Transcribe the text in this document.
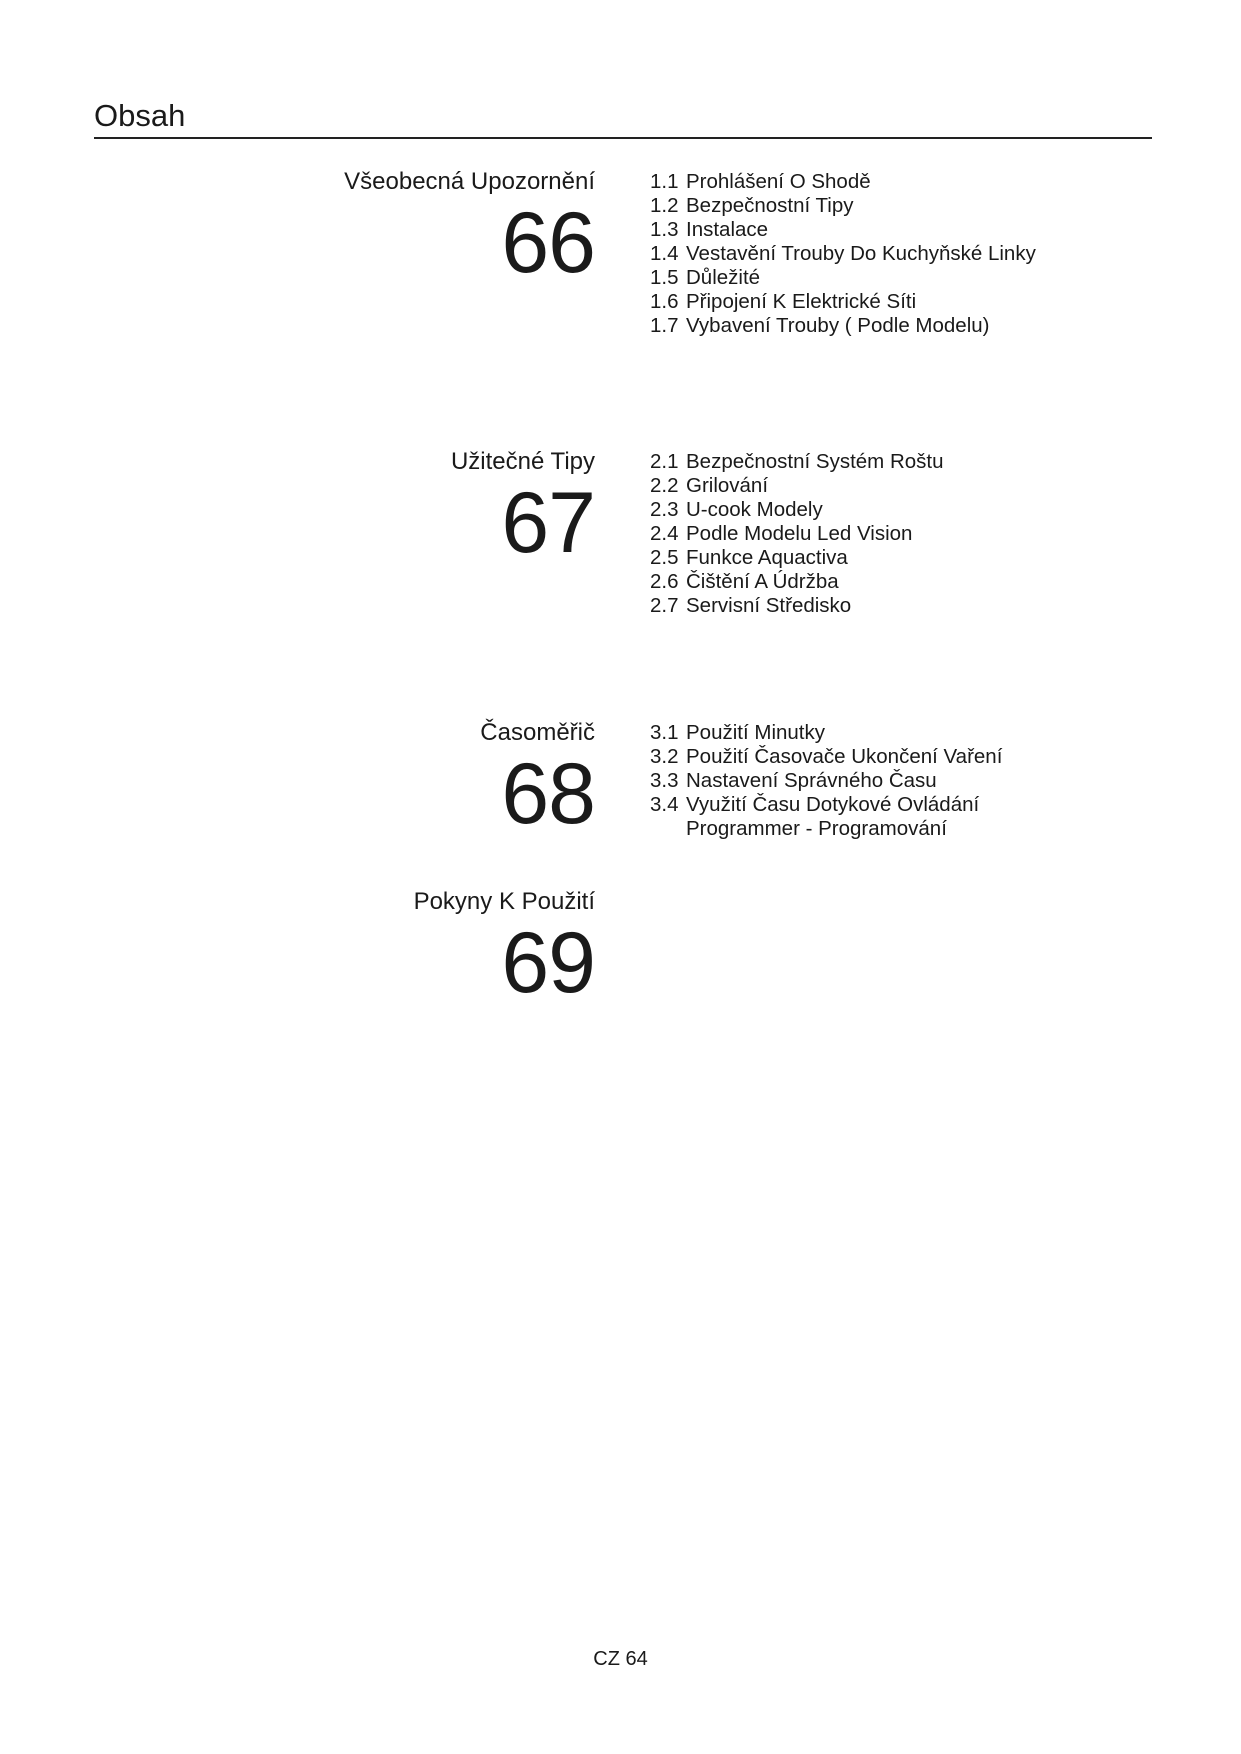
Obsah
Všeobecná Upozornění
66
1.1 Prohlášení O Shodě
1.2 Bezpečnostní Tipy
1.3 Instalace
1.4 Vestavění Trouby Do Kuchyňské Linky
1.5 Důležité
1.6 Připojení K Elektrické Síti
1.7 Vybavení Trouby ( Podle Modelu)
Užitečné Tipy
67
2.1 Bezpečnostní Systém Roštu
2.2 Grilování
2.3 U-cook Modely
2.4 Podle Modelu Led Vision
2.5 Funkce Aquactiva
2.6 Čištění A Údržba
2.7 Servisní Středisko
Časoměřič
68
3.1 Použití Minutky
3.2 Použití Časovače Ukončení Vaření
3.3 Nastavení Správného Času
3.4 Využití Času Dotykové Ovládání
Programmer - Programování
Pokyny K Použití
69
CZ 64
